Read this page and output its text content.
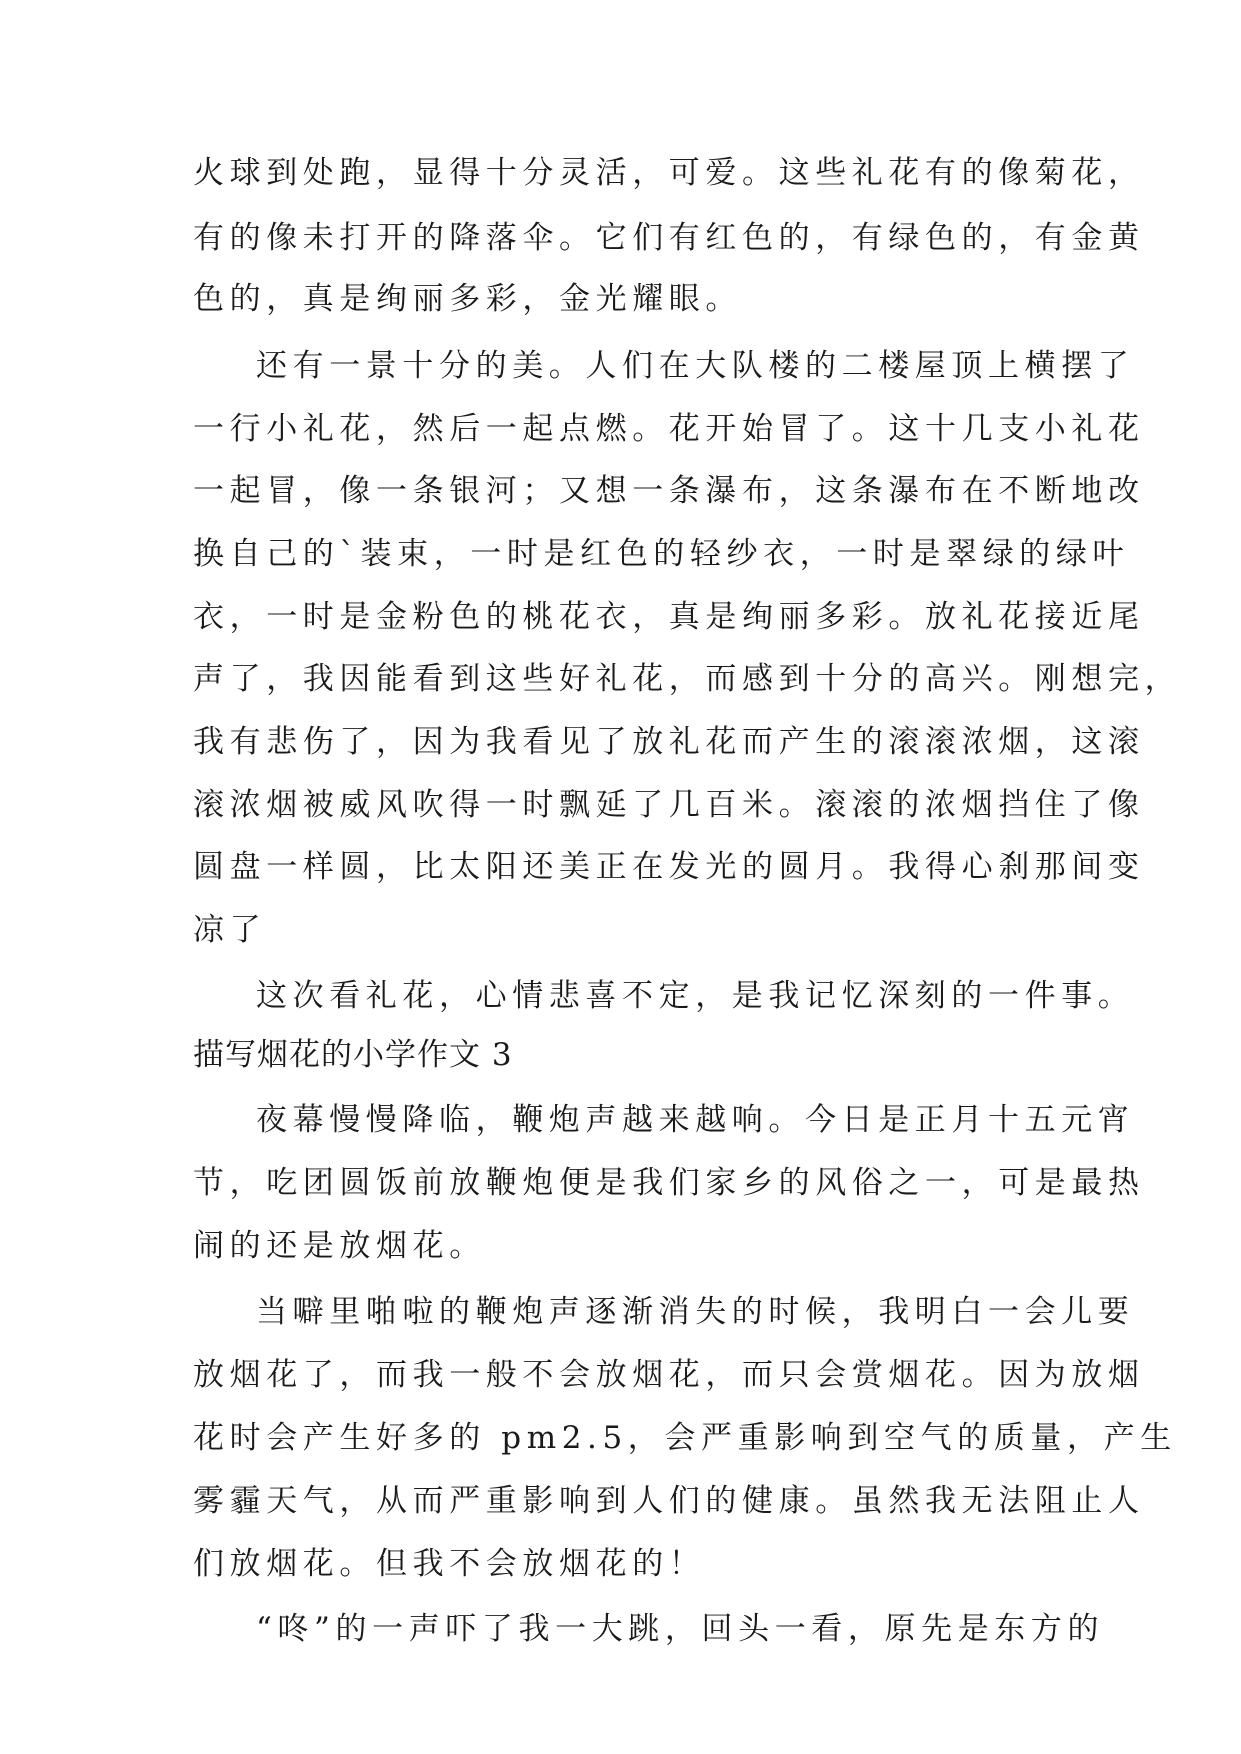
火球到处跑，显得十分灵活，可爱。这些礼花有的像菊花，
有的像未打开的降落伞。它们有红色的，有绿色的，有金黄
色的，真是绚丽多彩，金光耀眼。
还有一景十分的美。人们在大队楼的二楼屋顶上横摆了
一行小礼花，然后一起点燃。花开始冒了。这十几支小礼花
一起冒，像一条银河；又想一条瀑布，这条瀑布在不断地改
换自己的`装束，一时是红色的轻纱衣，一时是翠绿的绿叶
衣，一时是金粉色的桃花衣，真是绚丽多彩。放礼花接近尾
声了，我因能看到这些好礼花，而感到十分的高兴。刚想完，
我有悲伤了，因为我看见了放礼花而产生的滚滚浓烟，这滚
滚浓烟被威风吹得一时飘延了几百米。滚滚的浓烟挡住了像
圆盘一样圆，比太阳还美正在发光的圆月。我得心刹那间变
凉了
这次看礼花，心情悲喜不定，是我记忆深刻的一件事。
描写烟花的小学作文 3
夜幕慢慢降临，鞭炮声越来越响。今日是正月十五元宵
节，吃团圆饭前放鞭炮便是我们家乡的风俗之一，可是最热
闹的还是放烟花。
当噼里啪啦的鞭炮声逐渐消失的时候，我明白一会儿要
放烟花了，而我一般不会放烟花，而只会赏烟花。因为放烟
花时会产生好多的 pm2.5，会严重影响到空气的质量，产生
雾霾天气，从而严重影响到人们的健康。虽然我无法阻止人
们放烟花。但我不会放烟花的！
“咚”的一声吓了我一大跳，回头一看，原先是东方的
